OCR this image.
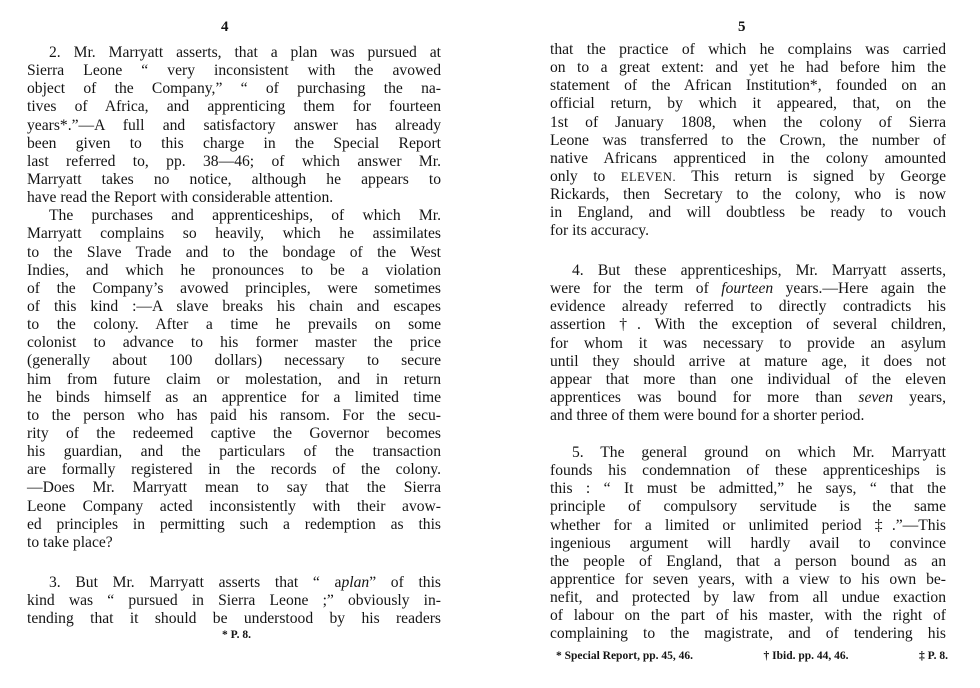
4
2. Mr. Marryatt asserts, that a plan was pursued at
Sierra Leone “ very inconsistent with the avowed
object of the Company,” “ of purchasing the na-
tives of Africa, and apprenticing them for fourteen
years*.”—A full and satisfactory answer has already
been given to this charge in the Special Report
last referred to, pp. 38—46; of which answer Mr.
Marryatt takes no notice, although he appears to
have read the Report with considerable attention.
The purchases and apprenticeships, of which Mr.
Marryatt complains so heavily, which he assimilates
to the Slave Trade and to the bondage of the West
Indies, and which he pronounces to be a violation
of the Company’s avowed principles, were sometimes
of this kind :—A slave breaks his chain and escapes
to the colony. After a time he prevails on some
colonist to advance to his former master the price
(generally about 100 dollars) necessary to secure
him from future claim or molestation, and in return
he binds himself as an apprentice for a limited time
to the person who has paid his ransom. For the secu-
rity of the redeemed captive the Governor becomes
his guardian, and the particulars of the transaction
are formally registered in the records of the colony.
—Does Mr. Marryatt mean to say that the Sierra
Leone Company acted inconsistently with their avow-
ed principles in permitting such a redemption as this
to take place?
3. But Mr. Marryatt asserts that “ aplan” of this
kind was “ pursued in Sierra Leone ;” obviously in-
tending that it should be understood by his readers
* P. 8.
5
that the practice of which he complains was carried
on to a great extent: and yet he had before him the
statement of the African Institution*, founded on an
official return, by which it appeared, that, on the
1st of January 1808, when the colony of Sierra
Leone was transferred to the Crown, the number of
native Africans apprenticed in the colony amounted
only to ELEVEN. This return is signed by George
Rickards, then Secretary to the colony, who is now
in England, and will doubtless be ready to vouch
for its accuracy.
4. But these apprenticeships, Mr. Marryatt asserts,
were for the term of fourteen years.—Here again the
evidence already referred to directly contradicts his
assertion †. With the exception of several children,
for whom it was necessary to provide an asylum
until they should arrive at mature age, it does not
appear that more than one individual of the eleven
apprentices was bound for more than seven years,
and three of them were bound for a shorter period.
5. The general ground on which Mr. Marryatt
founds his condemnation of these apprenticeships is
this : “ It must be admitted,” he says, “ that the
principle of compulsory servitude is the same
whether for a limited or unlimited period ‡.”—This
ingenious argument will hardly avail to convince
the people of England, that a person bound as an
apprentice for seven years, with a view to his own be-
nefit, and protected by law from all undue exaction
of labour on the part of his master, with the right of
complaining to the magistrate, and of tendering his
* Special Report, pp. 45, 46.	† Ibid. pp. 44, 46.	‡ P. 8.
